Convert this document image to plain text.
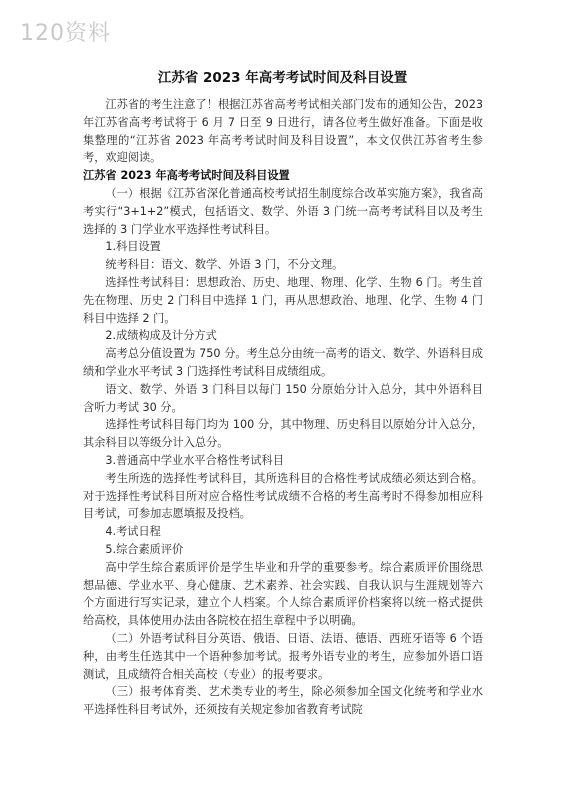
120资料
江苏省 2023 年高考考试时间及科目设置

江苏省的考生注意了！根据江苏省高考考试相关部门发布的通知公告，2023 年江苏省高考考试将于 6 月 7 日至 9 日进行，请各位考生做好准备。下面是收集整理的“江苏省 2023 年高考考试时间及科目设置”，本文仅供江苏省考生参考，欢迎阅读。

江苏省 2023 年高考考试时间及科目设置

（一）根据《江苏省深化普通高校考试招生制度综合改革实施方案》，我省高考实行“3+1+2”模式，包括语文、数学、外语 3 门统一高考考试科目以及考生选择的 3 门学业水平选择性考试科目。

1.科目设置

统考科目：语文、数学、外语 3 门，不分文理。

选择性考试科目：思想政治、历史、地理、物理、化学、生物 6 门。考生首先在物理、历史 2 门科目中选择 1 门，再从思想政治、地理、化学、生物 4 门科目中选择 2 门。

2.成绩构成及计分方式

高考总分值设置为 750 分。考生总分由统一高考的语文、数学、外语科目成绩和学业水平考试 3 门选择性考试科目成绩组成。

语文、数学、外语 3 门科目以每门 150 分原始分计入总分，其中外语科目含听力考试 30 分。

选择性考试科目每门均为 100 分，其中物理、历史科目以原始分计入总分，其余科目以等级分计入总分。

3.普通高中学业水平合格性考试科目

考生所选的选择性考试科目，其所选科目的合格性考试成绩必须达到合格。对于选择性考试科目所对应合格性考试成绩不合格的考生高考时不得参加相应科目考试，可参加志愿填报及投档。

4.考试日程

5.综合素质评价

高中学生综合素质评价是学生毕业和升学的重要参考。综合素质评价围绕思想品德、学业水平、身心健康、艺术素养、社会实践、自我认识与生涯规划等六个方面进行写实记录，建立个人档案。个人综合素质评价档案将以统一格式提供给高校，具体使用办法由各院校在招生章程中予以明确。

（二）外语考试科目分英语、俄语、日语、法语、德语、西班牙语等 6 个语种，由考生任选其中一个语种参加考试。报考外语专业的考生，应参加外语口语测试，且成绩符合相关高校（专业）的报考要求。

（三）报考体育类、艺术类专业的考生，除必须参加全国文化统考和学业水平选择性科目考试外，还须按有关规定参加省教育考试院
